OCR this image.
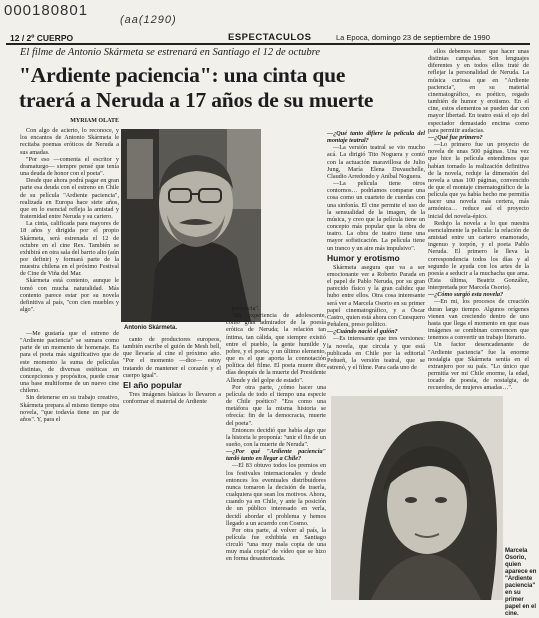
000180801
(aa(1290)
12 / 2º CUERPO	ESPECTACULOS	La Epoca, domingo 23 de septiembre de 1990
El filme de Antonio Skármeta se estrenará en Santiago el 12 de octubre
"Ardiente paciencia": una cinta que
traerá a Neruda a 17 años de su muerte

MYRIAM OLATE

Con algo de acierto, lo reconoce, y los encantos de Antonio Skármeta le recitaba poemas eróticos de Neruda a sus amadas.

"Por eso —comenta el escritor y dramaturgo— siempre pensé que tenía una deuda de honor con el poeta".

Desde que ahora podrá pagar en gran parte esa deuda con el estreno en Chile de su película "Ardiente paciencia", realizada en Europa hace siete años, que en lo esencial refleja la amistad y fraternidad entre Neruda y su cartero.

La cinta, calificada para mayores de 18 años y dirigida por el propio Skármeta, será estrenada el 12 de octubre en el cine Rex. También se exhibirá en otra sala del barrio alto (aún por definir) y formará parte de la muestra chilena en el próximo Festival de Cine de Viña del Mar.

Skármeta está contento, aunque le tomó con mucha naturalidad. Más contento parece estar por su novela definitiva al país, "con cien muebles y algo".

Antonio Skármeta.

—Me gustaría que el estreno de "Ardiente paciencia" se sumara como parte de un momento de homenaje. Es para el poeta más significativo que de este momento la suma de películas distintas, de diversas estéticas en concepciones y propósitos, puede crear una base multiforme de un nuevo cine chileno.

Sin detenerse en su trabajo creativo, Skármeta prepara al mismo tiempo otra novela, "que todavía tiene un par de años". Y, para el

canto de productores europeos, también escribe el guión de Mesh bell, que llevaría al cine el próximo año. "Por el momento —dice— estoy tratando de mantener el corazón y el cuerpo igual".

El año popular

Tres imágenes básicas lo llevaron a conformar el material de Ardiente

paciencia".

"Mi experiencia de adolescente, como gran admirador de la poesía erótica de Neruda; la relación tan íntima, tan cálida, que siempre existió entre el pueblo, la gente humilde y pobre, y el poeta; y un último elemento, que es el que aporta la connotación política del filme. El poeta muere diez días después de la muerte del Presidente Allende y del golpe de estado".

Por otra parte, ¿cómo hacer una película de todo el tiempo una especie de Chile poético? "Era como una metáfora que la misma historia se ofrecía: fin de la democracia, muerte del poeta".

Entonces decidió que había algo que la historia le proponía: "unir el fin de un sueño, con la muerte de Neruda".

—¿Por qué "Ardiente paciencia" tardó tanto en llegar a Chile?

—El 83 obtuvo todos los premios en los festivales internacionales y desde entonces los eventuales distribuidores nunca tomaron la decisión de traerla, cualquiera que sean los motivos. Ahora, cuando ya en Chile, y ante la posición de un público interesado en verla, decidí abordar el problema y hemos llegado a un acuerdo con Cosmo.

Por otra parte, al volver al país, la película fue exhibida en Santiago circuló "una muy mala copia de una muy mala copia" de vídeo que se hizo en forma desautorizada.

—¿Qué tanto difiere la película del montaje teatral?

—La versión teatral se vio mucho acá. La dirigió Tito Noguera y contó con la actuación maravillosa de Julio Jung, María Elena Duvauchelle, Claudio Arredondo y Aníbal Noguera.

—La película tiene otros contornos… podríamos comparar una cosa como un cuarteto de cuerdas con una sinfonía. El cine permite el uso de la sensualidad de la imagen, de la música, y creo que la película tiene un concepto más popular que la obra de teatro. La obra de teatro tiene una mayor sofisticación. La película tiene un tranco y un aire más impulsivo".

Humor y erotismo

Skármeta asegura que va a ser emocionante ver a Roberto Parada en el papel de Pablo Neruda, por su gran parecido físico y la gran calidez que hubo entre ellos. Otra cosa interesante será ver a Marcela Osorio en su primer papel cinematográfico, y a Óscar Castro, quien está ahora con Cuesquero Peñalera, preso político.

—¿Cuándo nació el guión?

—Es interesante que tres versiones: la novela, que circula y que está publicada en Chile por la editorial Peñueñ, la versión teatral, que se estrenó, y el filme. Para cada uno de

ellos debemos tener que hacer unas distintas campañas. Son lenguajes diferentes y en todos ellos traté de reflejar la personalidad de Neruda. La música curiosa que en "Ardiente paciencia", en su material cinematográfico, es poético, regado también de humor y erotismo. En el cine, estos elementos se pueden dar con mayor libertad. En teatro está el ojo del espectador demasiado encima como para permitir audacias.

—¿Qué fue primero?

—Lo primero fue un proyecto de novela de unas 500 páginas. Una vez que hice la película entendimos que habían tomado la realización definitiva de la novela, reduje la dimensión del novela a unas 100 páginas, convencido de que el montaje cinematográfico de la película que ya había hecho me permitía hacer una novela más certera, más armónica… reduce así el proyecto inicial del novela-épico.

Redujo la novela a lo que nuestra esencialmente la película: la relación de amistad entre un cartero enamorado, ingenuo y torpón, y el poeta Pablo Neruda. El primero le lleva la correspondencia todos los días y al segundo le ayuda con los artes de la poesía a seducir a la muchacha que ama. (Esta última, Beatriz González, interpretada por Marcela Osorio).

—¿Cómo surgió esta novela?

—En mi, los procesos de creación duran largo tiempo. Algunos orígenes vienen van creciendo dentro de uno hasta que llega el momento en que esas imágenes se combinan convencen que tenemos a convertir un trabajo literario.

Un factor desencadenante de "Ardiente paciencia" fue la enorme nostalgia que Skármeta sentía en el extranjero por su país. "Lo único que permitía ver mi Chile enorme, la edad, tocado de poesía, de nostalgia, de recuerdos, de mujeres amadas…".

Marcela Osorio, quien aparece en "Ardiente paciencia" en su primer papel en el cine.
